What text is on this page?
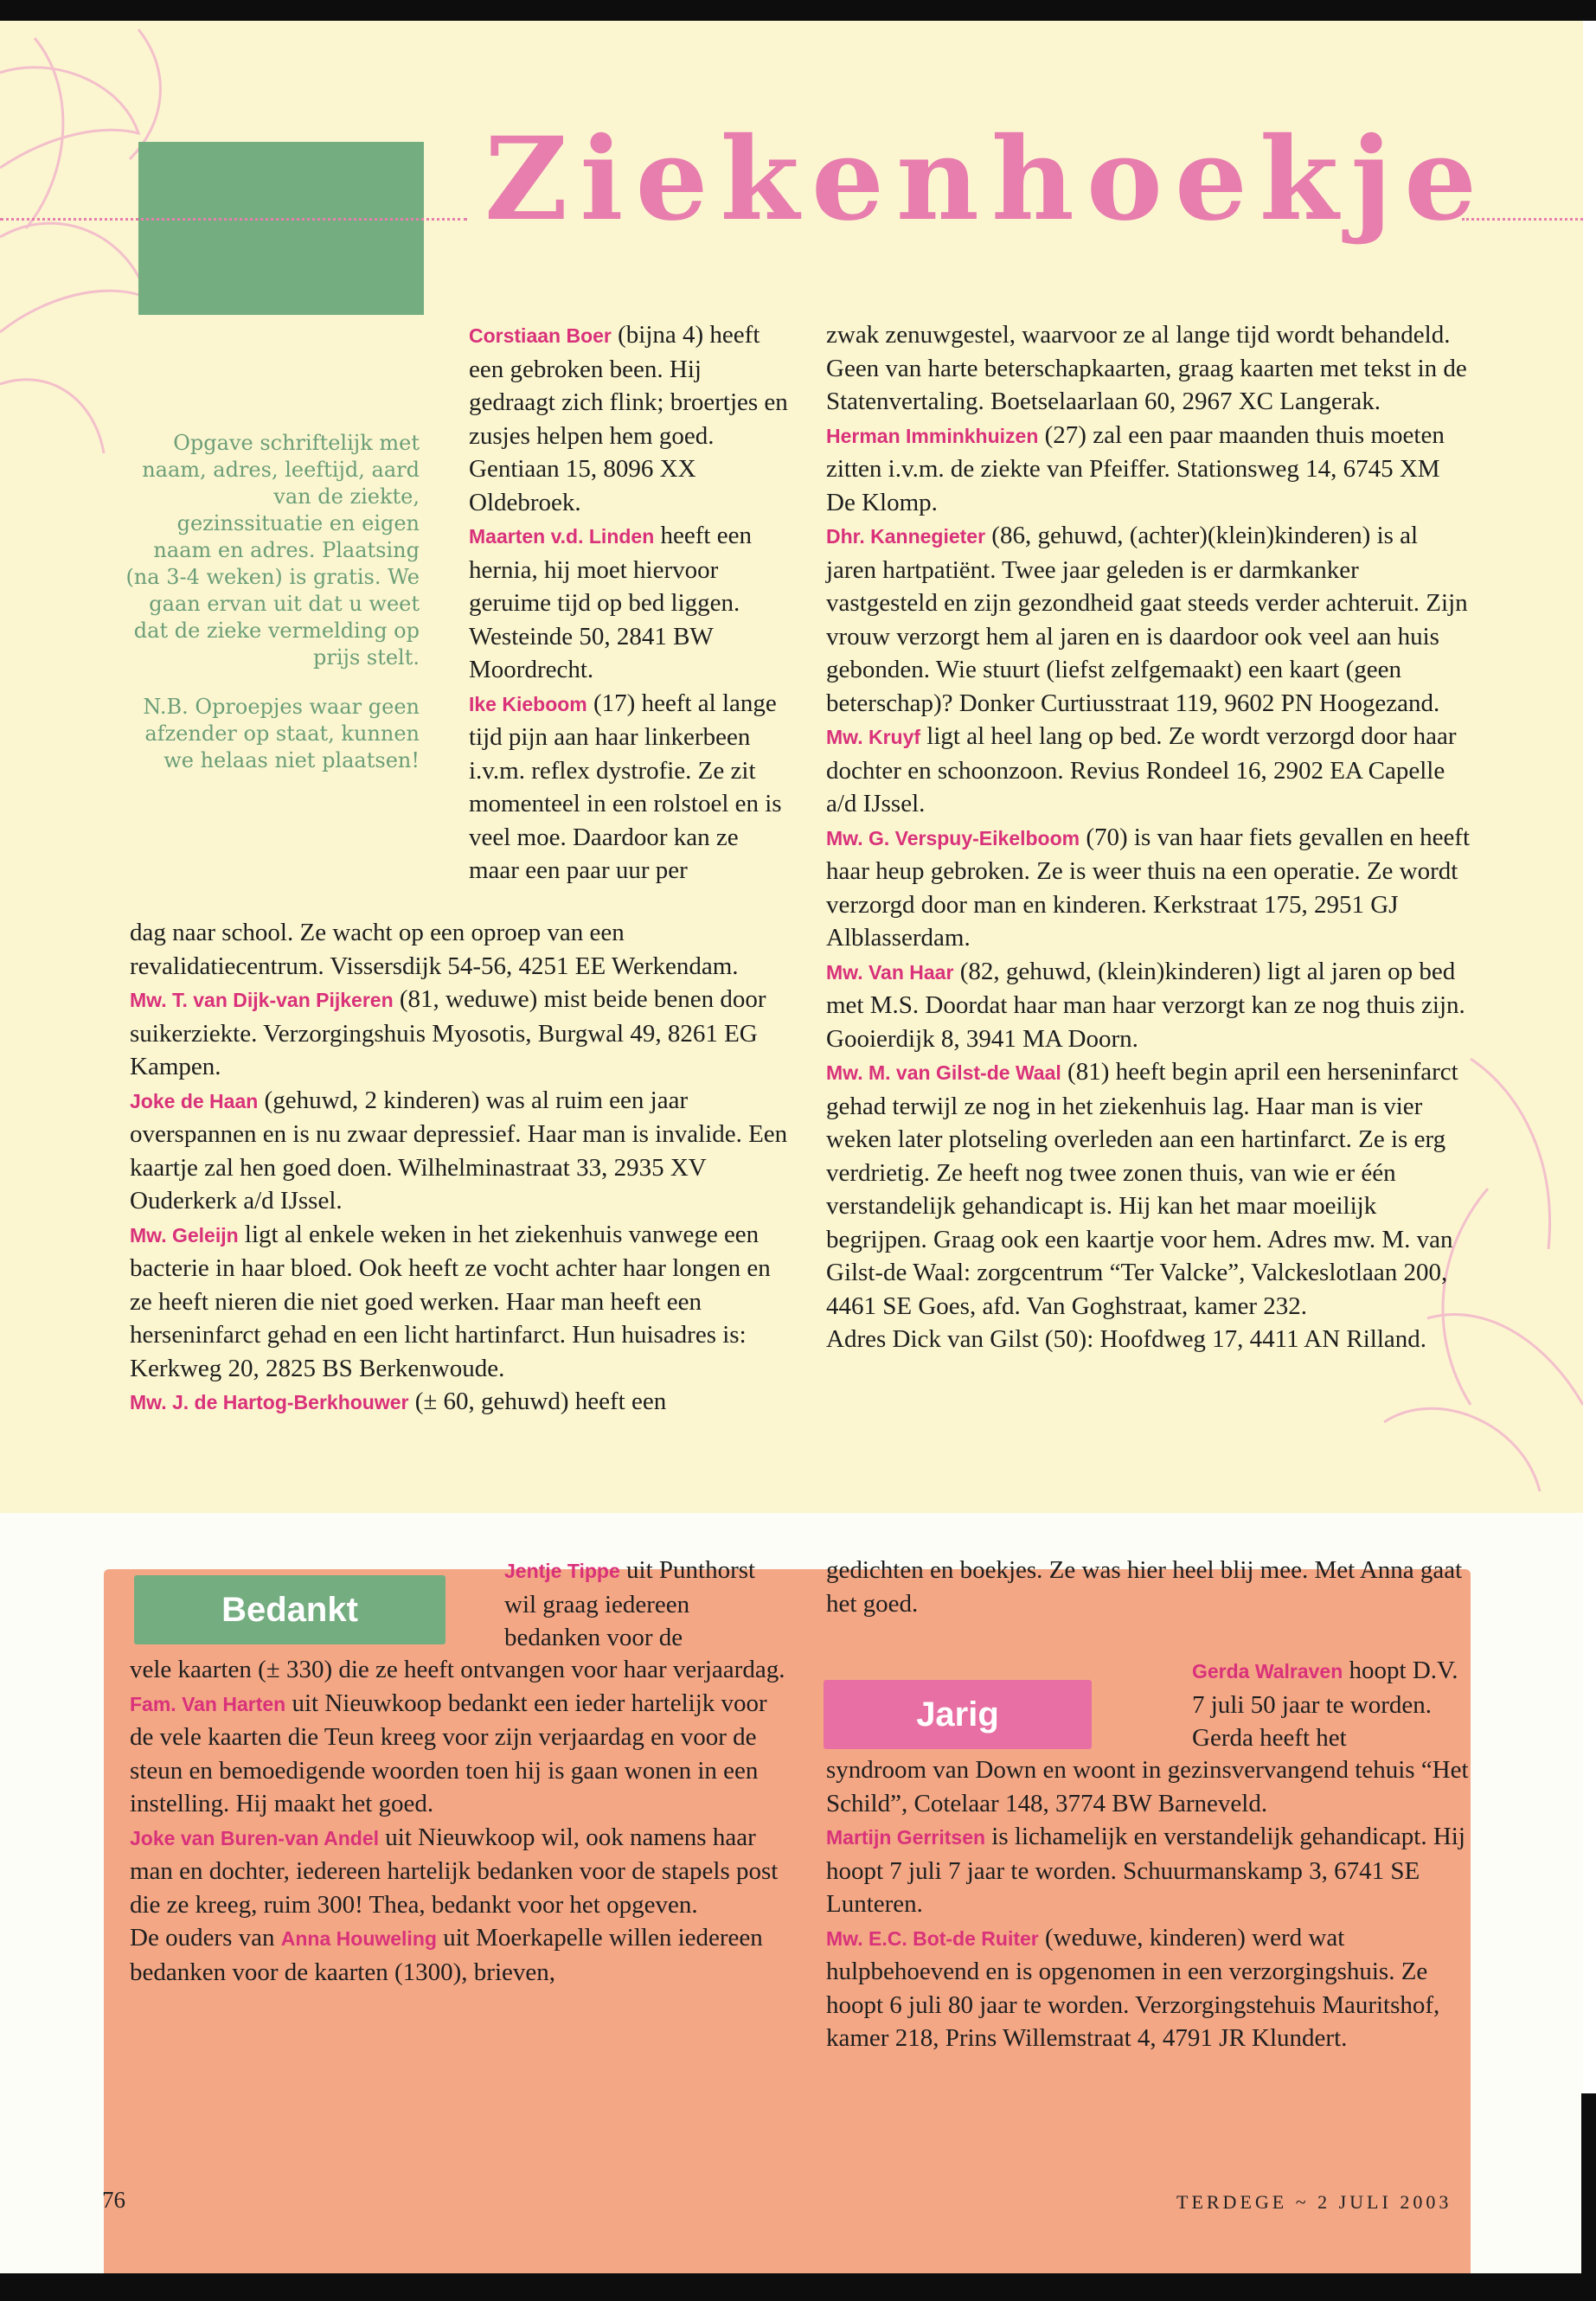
Ziekenhoekje

Opgave schriftelijk met naam, adres, leeftijd, aard van de ziekte, gezinssituatie en eigen naam en adres. Plaatsing (na 3-4 weken) is gratis. We gaan ervan uit dat u weet dat de zieke vermelding op prijs stelt.

N.B. Oproepjes waar geen afzender op staat, kunnen we helaas niet plaatsen!

Corstiaan Boer (bijna 4) heeft een gebroken been. Hij gedraagt zich flink; broertjes en zusjes helpen hem goed. Gentiaan 15, 8096 XX Oldebroek.

Maarten v.d. Linden heeft een hernia, hij moet hiervoor geruime tijd op bed liggen. Westeinde 50, 2841 BW Moordrecht.

Ike Kieboom (17) heeft al lange tijd pijn aan haar linkerbeen i.v.m. reflex dystrofie. Ze zit momenteel in een rolstoel en is veel moe. Daardoor kan ze maar een paar uur per

dag naar school. Ze wacht op een oproep van een revalidatiecentrum. Vissersdijk 54-56, 4251 EE Werkendam.

Mw. T. van Dijk-van Pijkeren (81, weduwe) mist beide benen door suikerziekte. Verzorgingshuis Myosotis, Burgwal 49, 8261 EG Kampen.

Joke de Haan (gehuwd, 2 kinderen) was al ruim een jaar overspannen en is nu zwaar depressief. Haar man is invalide. Een kaartje zal hen goed doen. Wilhelminastraat 33, 2935 XV Ouderkerk a/d IJssel.

Mw. Geleijn ligt al enkele weken in het ziekenhuis vanwege een bacterie in haar bloed. Ook heeft ze vocht achter haar longen en ze heeft nieren die niet goed werken. Haar man heeft een herseninfarct gehad en een licht hartinfarct. Hun huisadres is: Kerkweg 20, 2825 BS Berkenwoude.

Mw. J. de Hartog-Berkhouwer (± 60, gehuwd) heeft een

zwak zenuwgestel, waarvoor ze al lange tijd wordt behandeld. Geen van harte beterschapkaarten, graag kaarten met tekst in de Statenvertaling. Boetselaarlaan 60, 2967 XC Langerak.

Herman Imminkhuizen (27) zal een paar maanden thuis moeten zitten i.v.m. de ziekte van Pfeiffer. Stationsweg 14, 6745 XM De Klomp.

Dhr. Kannegieter (86, gehuwd, (achter)(klein)kinderen) is al jaren hartpatiënt. Twee jaar geleden is er darmkanker vastgesteld en zijn gezondheid gaat steeds verder achteruit. Zijn vrouw verzorgt hem al jaren en is daardoor ook veel aan huis gebonden. Wie stuurt (liefst zelfgemaakt) een kaart (geen beterschap)? Donker Curtiusstraat 119, 9602 PN Hoogezand.

Mw. Kruyf ligt al heel lang op bed. Ze wordt verzorgd door haar dochter en schoonzoon. Revius Rondeel 16, 2902 EA Capelle a/d IJssel.

Mw. G. Verspuy-Eikelboom (70) is van haar fiets gevallen en heeft haar heup gebroken. Ze is weer thuis na een operatie. Ze wordt verzorgd door man en kinderen. Kerkstraat 175, 2951 GJ Alblasserdam.

Mw. Van Haar (82, gehuwd, (klein)kinderen) ligt al jaren op bed met M.S. Doordat haar man haar verzorgt kan ze nog thuis zijn. Gooierdijk 8, 3941 MA Doorn.

Mw. M. van Gilst-de Waal (81) heeft begin april een herseninfarct gehad terwijl ze nog in het ziekenhuis lag. Haar man is vier weken later plotseling overleden aan een hartinfarct. Ze is erg verdrietig. Ze heeft nog twee zonen thuis, van wie er één verstandelijk gehandicapt is. Hij kan het maar moeilijk begrijpen. Graag ook een kaartje voor hem. Adres mw. M. van Gilst-de Waal: zorgcentrum “Ter Valcke”, Valckeslotlaan 200, 4461 SE Goes, afd. Van Goghstraat, kamer 232.

Adres Dick van Gilst (50): Hoofdweg 17, 4411 AN Rilland.

Bedankt

Jentje Tippe uit Punthorst wil graag iedereen bedanken voor de

vele kaarten (± 330) die ze heeft ontvangen voor haar verjaardag.

Fam. Van Harten uit Nieuwkoop bedankt een ieder hartelijk voor de vele kaarten die Teun kreeg voor zijn verjaardag en voor de steun en bemoedigende woorden toen hij is gaan wonen in een instelling. Hij maakt het goed.

Joke van Buren-van Andel uit Nieuwkoop wil, ook namens haar man en dochter, iedereen hartelijk bedanken voor de stapels post die ze kreeg, ruim 300! Thea, bedankt voor het opgeven.

De ouders van Anna Houweling uit Moerkapelle willen iedereen bedanken voor de kaarten (1300), brieven,

gedichten en boekjes. Ze was hier heel blij mee. Met Anna gaat het goed.

Jarig

Gerda Walraven hoopt D.V. 7 juli 50 jaar te worden. Gerda heeft het

syndroom van Down en woont in gezinsvervangend tehuis “Het Schild”, Cotelaar 148, 3774 BW Barneveld.

Martijn Gerritsen is lichamelijk en verstandelijk gehandicapt. Hij hoopt 7 juli 7 jaar te worden. Schuurmanskamp 3, 6741 SE Lunteren.

Mw. E.C. Bot-de Ruiter (weduwe, kinderen) werd wat hulpbehoevend en is opgenomen in een verzorgingshuis. Ze hoopt 6 juli 80 jaar te worden. Verzorgingstehuis Mauritshof, kamer 218, Prins Willemstraat 4, 4791 JR Klundert.

76	TERDEGE ~ 2 JULI 2003
